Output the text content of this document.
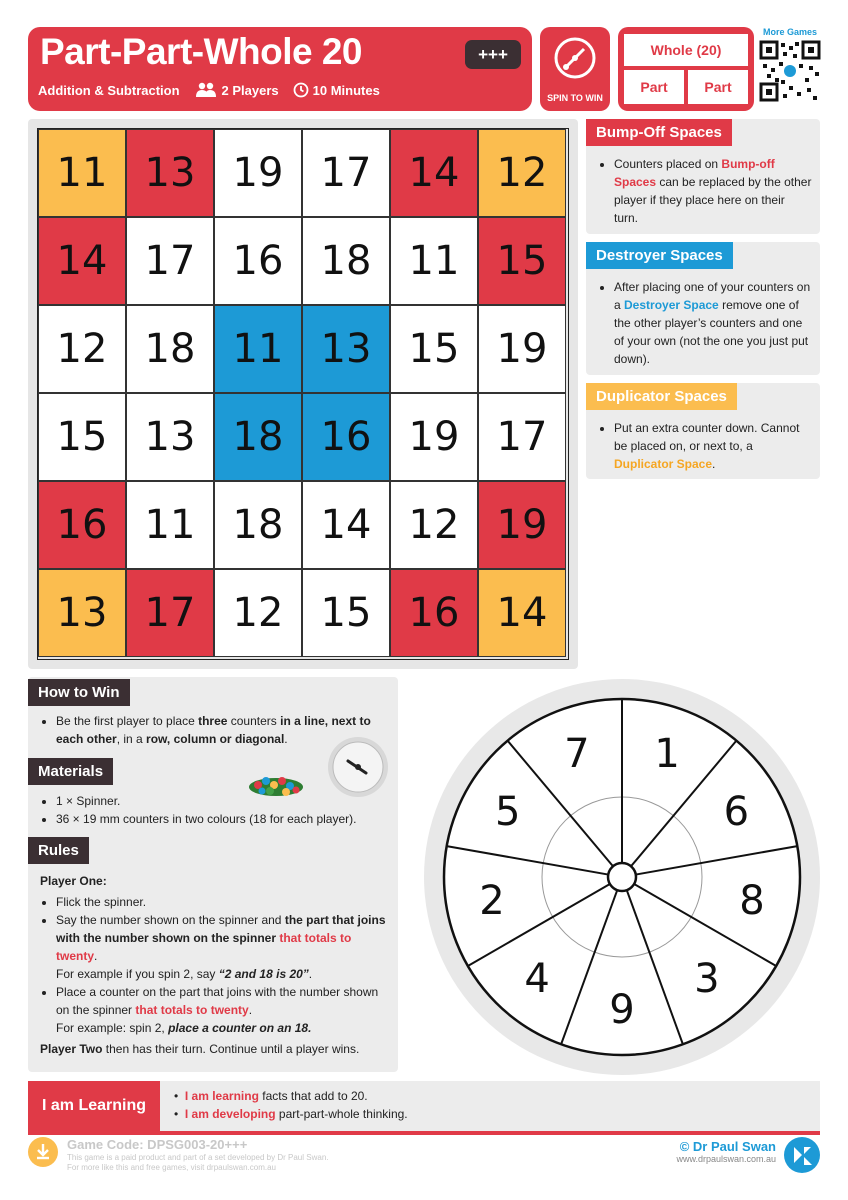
Part-Part-Whole 20	+++
Addition & Subtraction	2 Players	10 Minutes
SPIN TO WIN
Whole (20)
Part	Part
More Games
11 13 19 17 14 12
14 17 16 18 11 15
12 18 11 13 15 19
15 13 18 16 19 17
16 11 18 14 12 19
13 17 12 15 16 14
Bump-Off Spaces
• Counters placed on Bump-off Spaces can be replaced by the other player if they place here on their turn.
Destroyer Spaces
• After placing one of your counters on a Destroyer Space remove one of the other player’s counters and one of your own (not the one you just put down).
Duplicator Spaces
• Put an extra counter down. Cannot be placed on, or next to, a Duplicator Space.
How to Win
• Be the first player to place three counters in a line, next to each other, in a row, column or diagonal.
Materials
• 1 × Spinner.
• 36 × 19 mm counters in two colours (18 for each player).
Rules
Player One:
• Flick the spinner.
• Say the number shown on the spinner and the part that joins with the number shown on the spinner that totals to twenty.
For example if you spin 2, say “2 and 18 is 20”.
• Place a counter on the part that joins with the number shown on the spinner that totals to twenty.
For example: spin 2, place a counter on an 18.
Player Two then has their turn. Continue until a player wins.
1
6
8
3
9
4
2
5
7
I am Learning
•  I am learning facts that add to 20.
•  I am developing part-part-whole thinking.
Game Code: DPSG003-20+++
This game is a paid product and part of a set developed by Dr Paul Swan.
For more like this and free games, visit drpaulswan.com.au
© Dr Paul Swan
www.drpaulswan.com.au
